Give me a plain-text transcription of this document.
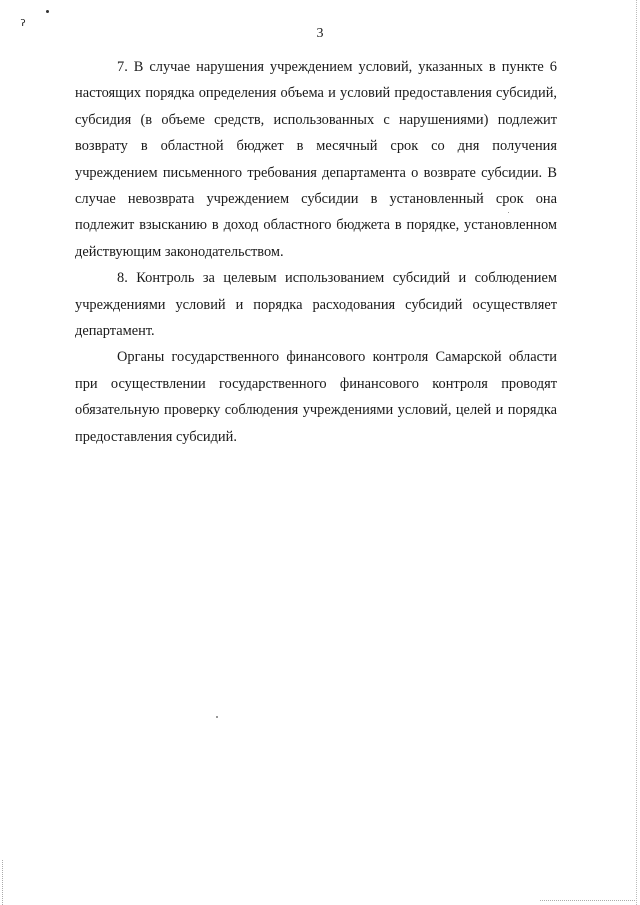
ˀ	3

7. В случае нарушения учреждением условий, указанных в пункте 6 настоящих порядка определения объема и условий предоставления субсидий, субсидия (в объеме средств, использованных с нарушениями) подлежит возврату в областной бюджет в месячный срок со дня получения учреждением письменного требования департамента о возврате субсидии. В случае невозврата учреждением субсидии в установленный срок она подлежит взысканию в доход областного бюджета в порядке, установленном действующим законодательством.

8. Контроль за целевым использованием субсидий и соблюдением учреждениями условий и порядка расходования субсидий осуществляет департамент.

Органы государственного финансового контроля Самарской области при осуществлении государственного финансового контроля проводят обязательную проверку соблюдения учреждениями условий, целей и порядка предоставления субсидий.
